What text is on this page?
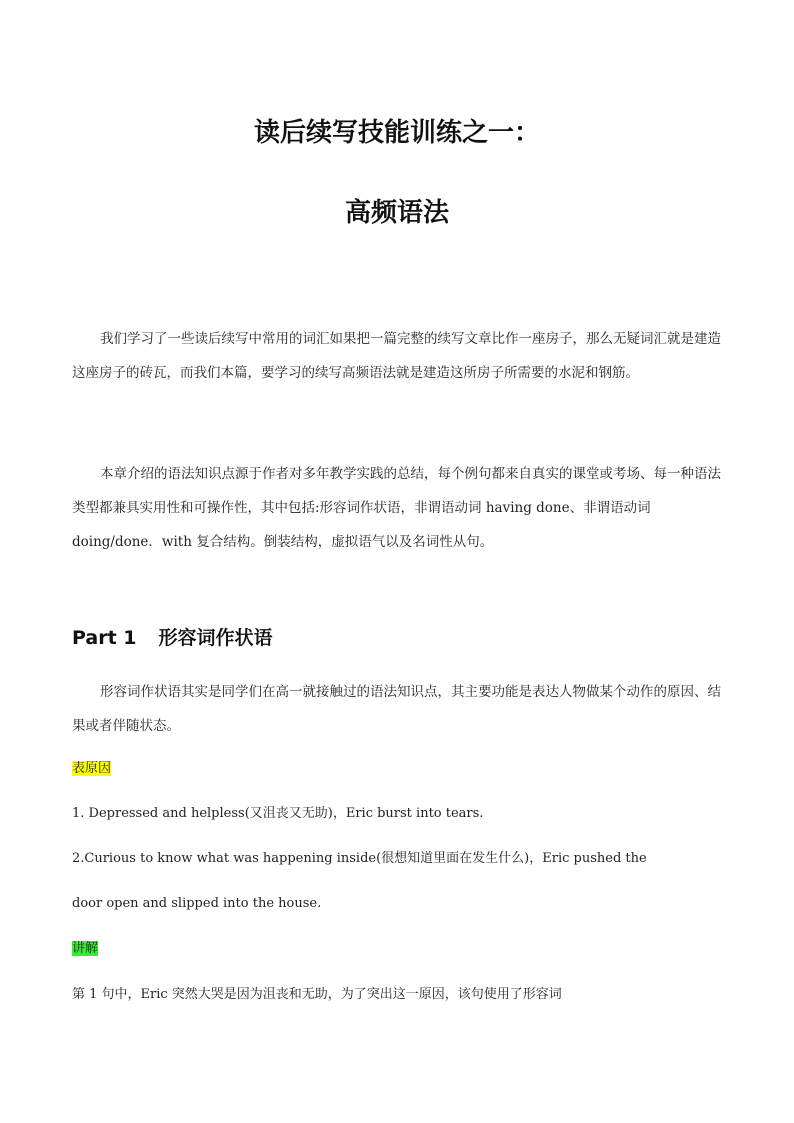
读后续写技能训练之一：
高频语法

我们学习了一些读后续写中常用的词汇如果把一篇完整的续写文章比作一座房子，那么无疑词汇就是建造这座房子的砖瓦，而我们本篇，要学习的续写高频语法就是建造这所房子所需要的水泥和钢筋。

本章介绍的语法知识点源于作者对多年教学实践的总结，每个例句都来自真实的课堂或考场、每一种语法类型都兼具实用性和可操作性，其中包括:形容词作状语，非谓语动词 having done、非谓语动词 doing/done．with 复合结构。倒装结构，虚拟语气以及名词性从句。

Part 1 形容词作状语

形容词作状语其实是同学们在高一就接触过的语法知识点，其主要功能是表达人物做某个动作的原因、结果或者伴随状态。

表原因
1. Depressed and helpless(又沮丧又无助)，Eric burst into tears.
2.Curious to know what was happening inside(很想知道里面在发生什么)，Eric pushed the
door open and slipped into the house.
讲解
第 1 句中，Eric 突然大哭是因为沮丧和无助，为了突出这一原因，该句使用了形容词
